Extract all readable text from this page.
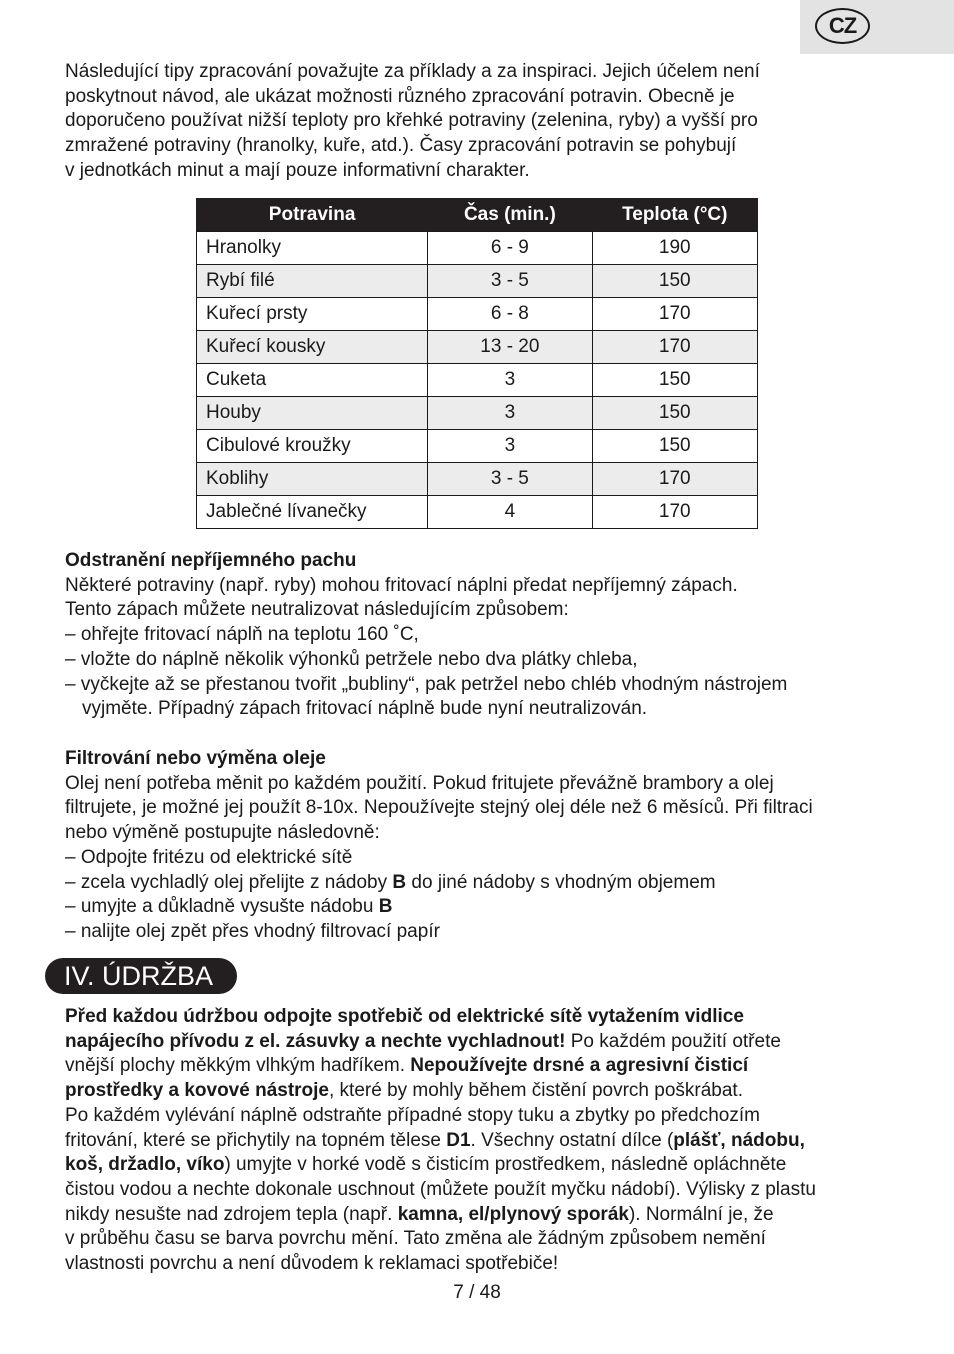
CZ

Následující tipy zpracování považujte za příklady a za inspiraci. Jejich účelem není
poskytnout návod, ale ukázat možnosti různého zpracování potravin. Obecně je
doporučeno používat nižší teploty pro křehké potraviny (zelenina, ryby) a vyšší pro
zmražené potraviny (hranolky, kuře, atd.). Časy zpracování potravin se pohybují
v jednotkách minut a mají pouze informativní charakter.

Potravina	Čas (min.)	Teplota (°C)
Hranolky	6 - 9	190
Rybí filé	3 - 5	150
Kuřecí prsty	6 - 8	170
Kuřecí kousky	13 - 20	170
Cuketa	3	150
Houby	3	150
Cibulové kroužky	3	150
Koblihy	3 - 5	170
Jablečné lívanečky	4	170
Odstranění nepříjemného pachu
Některé potraviny (např. ryby) mohou fritovací náplni předat nepříjemný zápach.
Tento zápach můžete neutralizovat následujícím způsobem:
– ohřejte fritovací náplň na teplotu 160 ˚C,
– vložte do náplně několik výhonků petržele nebo dva plátky chleba,
– vyčkejte až se přestanou tvořit „bubliny“, pak petržel nebo chléb vhodným nástrojem
vyjměte. Případný zápach fritovací náplně bude nyní neutralizován.
Filtrování nebo výměna oleje
Olej není potřeba měnit po každém použití. Pokud fritujete převážně brambory a olej
filtrujete, je možné jej použít 8-10x. Nepoužívejte stejný olej déle než 6 měsíců. Při filtraci
nebo výměně postupujte následovně:
– Odpojte fritézu od elektrické sítě
– zcela vychladlý olej přelijte z nádoby B do jiné nádoby s vhodným objemem
– umyjte a důkladně vysušte nádobu B
– nalijte olej zpět přes vhodný filtrovací papír
IV. ÚDRŽBA
Před každou údržbou odpojte spotřebič od elektrické sítě vytažením vidlice
napájecího přívodu z el. zásuvky a nechte vychladnout! Po každém použití otřete
vnější plochy měkkým vlhkým hadříkem. Nepoužívejte drsné a agresivní čisticí
prostředky a kovové nástroje, které by mohly během čistění povrch poškrábat.
Po každém vylévání náplně odstraňte případné stopy tuku a zbytky po předchozím
fritování, které se přichytily na topném tělese D1. Všechny ostatní dílce (plášť, nádobu,
koš, držadlo, víko) umyjte v horké vodě s čisticím prostředkem, následně opláchněte
čistou vodou a nechte dokonale uschnout (můžete použít myčku nádobí). Výlisky z plastu
nikdy nesušte nad zdrojem tepla (např. kamna, el/plynový sporák). Normální je, že
v průběhu času se barva povrchu mění. Tato změna ale žádným způsobem nemění
vlastnosti povrchu a není důvodem k reklamaci spotřebiče!
7 / 48
